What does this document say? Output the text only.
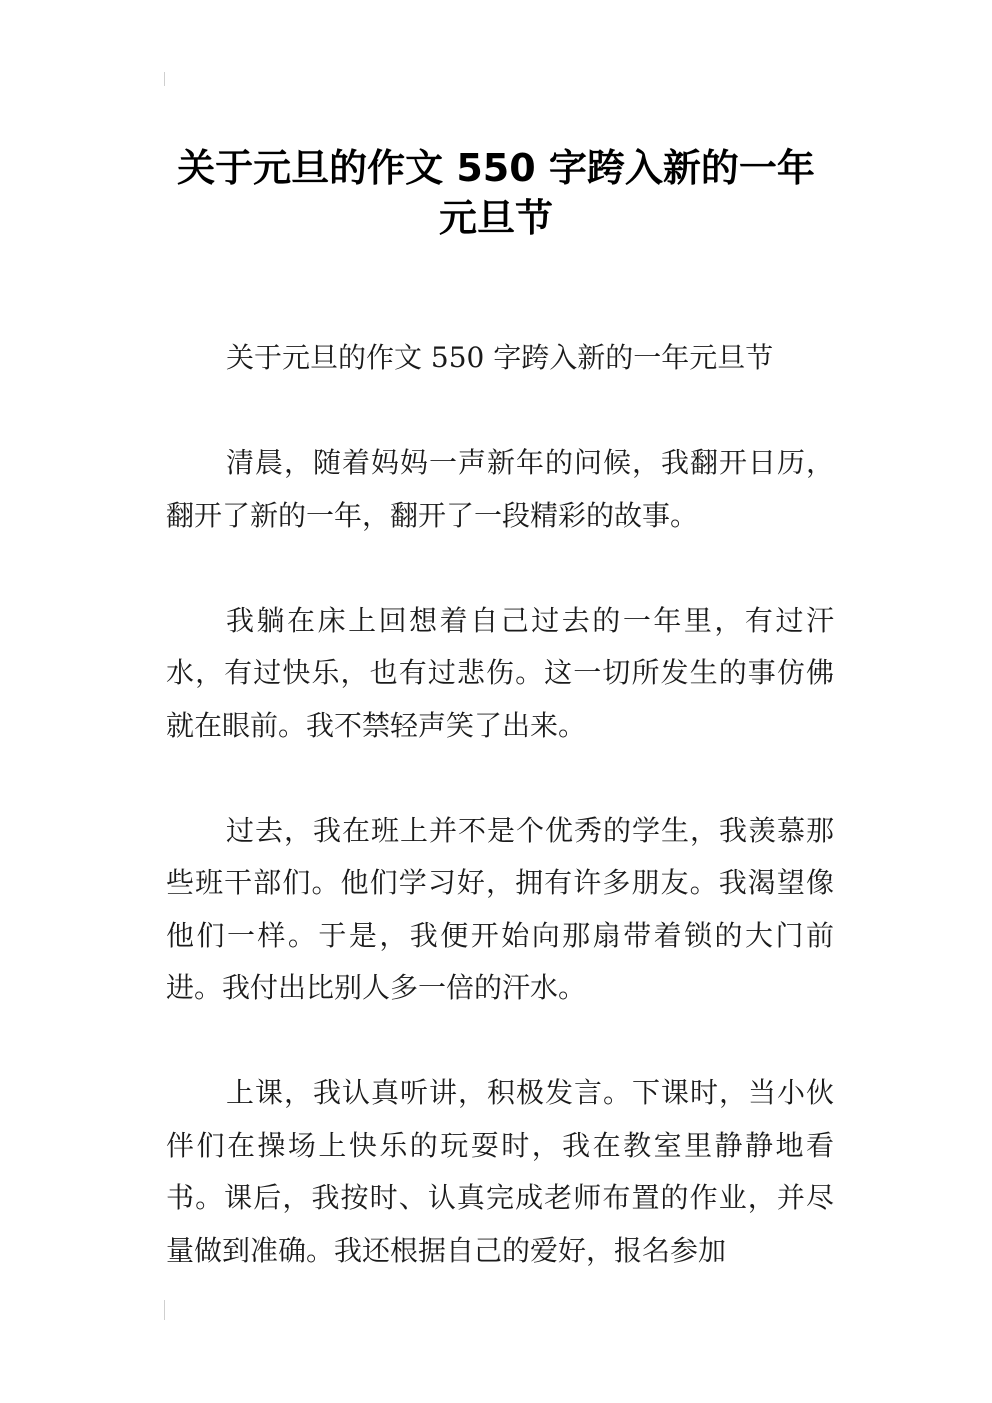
关于元旦的作文 550 字跨入新的一年
元旦节

关于元旦的作文 550 字跨入新的一年元旦节

清晨，随着妈妈一声新年的问候，我翻开日历，翻开了新的一年，翻开了一段精彩的故事。

我躺在床上回想着自己过去的一年里，有过汗水，有过快乐，也有过悲伤。这一切所发生的事仿佛就在眼前。我不禁轻声笑了出来。

过去，我在班上并不是个优秀的学生，我羡慕那些班干部们。他们学习好，拥有许多朋友。我渴望像他们一样。于是，我便开始向那扇带着锁的大门前进。我付出比别人多一倍的汗水。

上课，我认真听讲，积极发言。下课时，当小伙伴们在操场上快乐的玩耍时，我在教室里静静地看书。课后，我按时、认真完成老师布置的作业，并尽量做到准确。我还根据自己的爱好，报名参加
